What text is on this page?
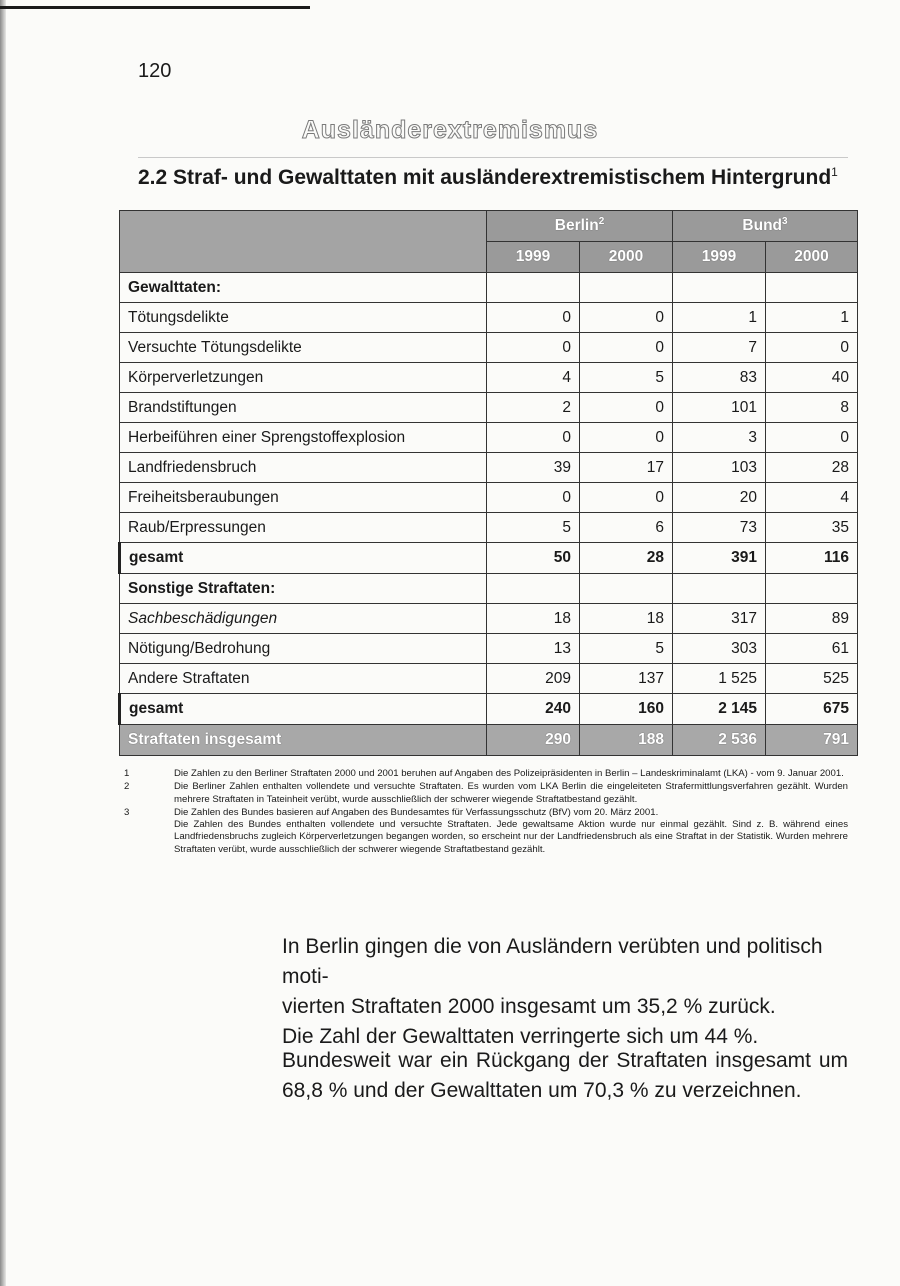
120
Ausländerextremismus
2.2 Straf- und Gewalttaten mit ausländerextremistischem Hintergrund$^1$
	Berlin$^2$		Bund$^3$
	1999	2000	1999	2000
Gewalttaten:				
Tötungsdelikte	0	0	1	1
Versuchte Tötungsdelikte	0	0	7	0
Körperverletzungen	4	5	83	40
Brandstiftungen	2	0	101	8
Herbeiführen einer Sprengstoffexplosion	0	0	3	0
Landfriedensbruch	39	17	103	28
Freiheitsberaubungen	0	0	20	4
Raub/Erpressungen	5	6	73	35
gesamt	50	28	391	116
Sonstige Straftaten:				
Sachbeschädigungen	18	18	317	89
Nötigung/Bedrohung	13	5	303	61
Andere Straftaten	209	137	1 525	525
gesamt	240	160	2 145	675
Straftaten insgesamt	290	188	2 536	791
1	Die Zahlen zu den Berliner Straftaten 2000 und 2001 beruhen auf Angaben des Polizeipräsidenten in Berlin – Landeskriminalamt (LKA) - vom 9. Januar 2001.

2	Die Berliner Zahlen enthalten vollendete und versuchte Straftaten. Es wurden vom LKA Berlin die eingeleiteten Strafermittlungsverfahren gezählt. Wurden mehrere Straftaten in Tateinheit verübt, wurde ausschließlich der schwerer wiegende Straftatbestand gezählt.

3	Die Zahlen des Bundes basieren auf Angaben des Bundesamtes für Verfassungsschutz (BfV) vom 20. März 2001.

Die Zahlen des Bundes enthalten vollendete und versuchte Straftaten. Jede gewaltsame Aktion wurde nur einmal gezählt. Sind z. B. während eines Landfriedensbruchs zugleich Körperverletzungen begangen worden, so erscheint nur der Landfriedensbruch als eine Straftat in der Statistik. Wurden mehrere Straftaten verübt, wurde ausschließlich der schwerer wiegende Straftatbestand gezählt.

In Berlin gingen die von Ausländern verübten und politisch moti-

vierten Straftaten 2000 insgesamt um 35,2 % zurück.

Die Zahl der Gewalttaten verringerte sich um 44 %.

Bundesweit war ein Rückgang der Straftaten insgesamt um 68,8 % und der Gewalttaten um 70,3 % zu verzeichnen.
